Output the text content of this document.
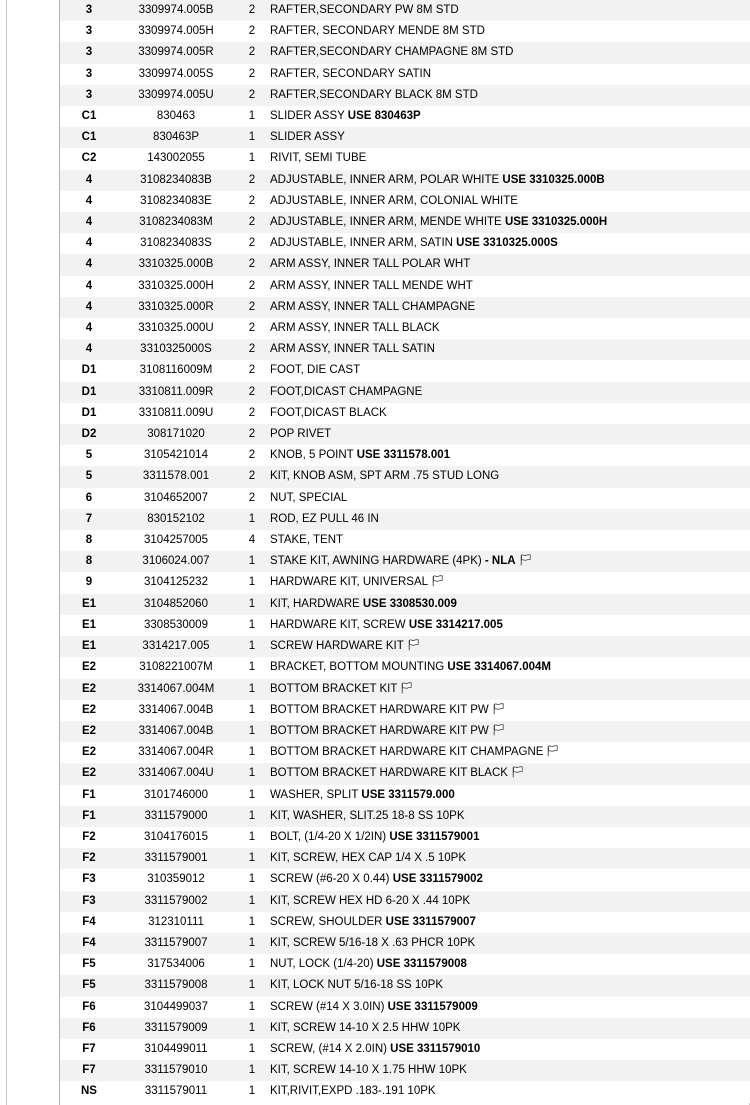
3	3309974.005B	2	RAFTER,SECONDARY PW 8M STD
3	3309974.005H	2	RAFTER, SECONDARY MENDE 8M STD
3	3309974.005R	2	RAFTER,SECONDARY CHAMPAGNE 8M STD
3	3309974.005S	2	RAFTER, SECONDARY SATIN
3	3309974.005U	2	RAFTER,SECONDARY BLACK 8M STD
C1	830463	1	SLIDER ASSY USE 830463P
C1	830463P	1	SLIDER ASSY
C2	143002055	1	RIVIT, SEMI TUBE
4	3108234083B	2	ADJUSTABLE, INNER ARM, POLAR WHITE USE 3310325.000B
4	3108234083E	2	ADJUSTABLE, INNER ARM, COLONIAL WHITE
4	3108234083M	2	ADJUSTABLE, INNER ARM, MENDE WHITE USE 3310325.000H
4	3108234083S	2	ADJUSTABLE, INNER ARM, SATIN USE 3310325.000S
4	3310325.000B	2	ARM ASSY, INNER TALL POLAR WHT
4	3310325.000H	2	ARM ASSY, INNER TALL MENDE WHT
4	3310325.000R	2	ARM ASSY, INNER TALL CHAMPAGNE
4	3310325.000U	2	ARM ASSY, INNER TALL BLACK
4	3310325000S	2	ARM ASSY, INNER TALL SATIN
D1	3108116009M	2	FOOT, DIE CAST
D1	3310811.009R	2	FOOT,DICAST CHAMPAGNE
D1	3310811.009U	2	FOOT,DICAST BLACK
D2	308171020	2	POP RIVET
5	3105421014	2	KNOB, 5 POINT USE 3311578.001
5	3311578.001	2	KIT, KNOB ASM, SPT ARM .75 STUD LONG
6	3104652007	2	NUT, SPECIAL
7	830152102	1	ROD, EZ PULL 46 IN
8	3104257005	4	STAKE, TENT
8	3106024.007	1	STAKE KIT, AWNING HARDWARE (4PK) - NLA
9	3104125232	1	HARDWARE KIT, UNIVERSAL
E1	3104852060	1	KIT, HARDWARE USE 3308530.009
E1	3308530009	1	HARDWARE KIT, SCREW USE 3314217.005
E1	3314217.005	1	SCREW HARDWARE KIT
E2	3108221007M	1	BRACKET, BOTTOM MOUNTING USE 3314067.004M
E2	3314067.004M	1	BOTTOM BRACKET KIT
E2	3314067.004B	1	BOTTOM BRACKET HARDWARE KIT PW
E2	3314067.004B	1	BOTTOM BRACKET HARDWARE KIT PW
E2	3314067.004R	1	BOTTOM BRACKET HARDWARE KIT CHAMPAGNE
E2	3314067.004U	1	BOTTOM BRACKET HARDWARE KIT BLACK
F1	3101746000	1	WASHER, SPLIT USE 3311579.000
F1	3311579000	1	KIT, WASHER, SLIT.25 18-8 SS 10PK
F2	3104176015	1	BOLT, (1/4-20 X 1/2IN) USE 3311579001
F2	3311579001	1	KIT, SCREW, HEX CAP 1/4 X .5 10PK
F3	310359012	1	SCREW (#6-20 X 0.44) USE 3311579002
F3	3311579002	1	KIT, SCREW HEX HD 6-20 X .44 10PK
F4	312310111	1	SCREW, SHOULDER USE 3311579007
F4	3311579007	1	KIT, SCREW 5/16-18 X .63 PHCR 10PK
F5	317534006	1	NUT, LOCK (1/4-20) USE 3311579008
F5	3311579008	1	KIT, LOCK NUT 5/16-18 SS 10PK
F6	3104499037	1	SCREW (#14 X 3.0IN) USE 3311579009
F6	3311579009	1	KIT, SCREW 14-10 X 2.5 HHW 10PK
F7	3104499011	1	SCREW, (#14 X 2.0IN) USE 3311579010
F7	3311579010	1	KIT, SCREW 14-10 X 1.75 HHW 10PK
NS	3311579011	1	KIT,RIVIT,EXPD .183-.191 10PK
